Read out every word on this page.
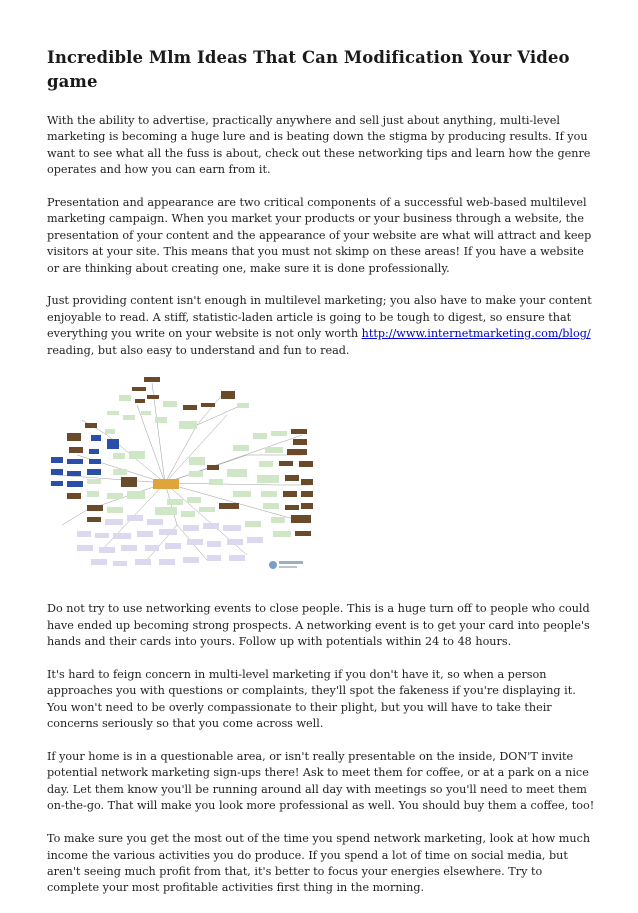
Incredible Mlm Ideas That Can Modification Your Video game

With the ability to advertise, practically anywhere and sell just about anything, multi-level marketing is becoming a huge lure and is beating down the stigma by producing results. If you want to see what all the fuss is about, check out these networking tips and learn how the genre operates and how you can earn from it.

Presentation and appearance are two critical components of a successful web-based multilevel marketing campaign. When you market your products or your business through a website, the presentation of your content and the appearance of your website are what will attract and keep visitors at your site. This means that you must not skimp on these areas! If you have a website or are thinking about creating one, make sure it is done professionally.

Just providing content isn't enough in multilevel marketing; you also have to make your content enjoyable to read. A stiff, statistic-laden article is going to be tough to digest, so ensure that everything you write on your website is not only worth http://www.internetmarketing.com/blog/ reading, but also easy to understand and fun to read.

Do not try to use networking events to close people. This is a huge turn off to people who could have ended up becoming strong prospects. A networking event is to get your card into people's hands and their cards into yours. Follow up with potentials within 24 to 48 hours.

It's hard to feign concern in multi-level marketing if you don't have it, so when a person approaches you with questions or complaints, they'll spot the fakeness if you're displaying it. You won't need to be overly compassionate to their plight, but you will have to take their concerns seriously so that you come across well.

If your home is in a questionable area, or isn't really presentable on the inside, DON'T invite potential network marketing sign-ups there! Ask to meet them for coffee, or at a park on a nice day. Let them know you'll be running around all day with meetings so you'll need to meet them on-the-go. That will make you look more professional as well. You should buy them a coffee, too!

To make sure you get the most out of the time you spend network marketing, look at how much income the various activities you do produce. If you spend a lot of time on social media, but aren't seeing much profit from that, it's better to focus your energies elsewhere. Try to complete your most profitable activities first thing in the morning.
